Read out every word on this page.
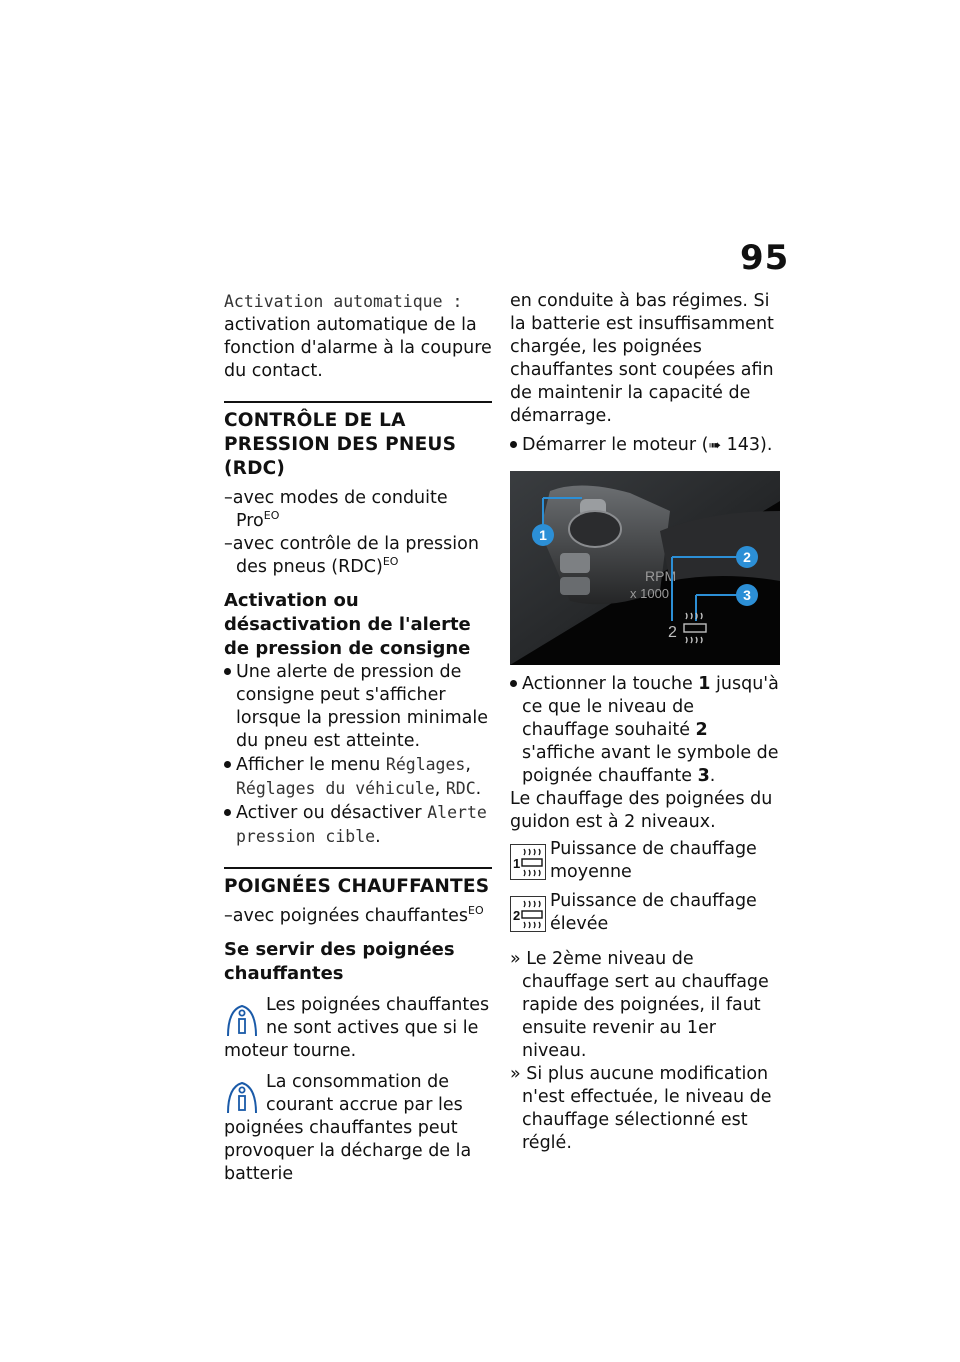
95

Activation automatique : activation automatique de la fonction d'alarme à la coupure du contact.

CONTRÔLE DE LA PRESSION DES PNEUS (RDC)
–avec modes de conduite Pro$^{EO}$
–avec contrôle de la pression des pneus (RDC)$^{EO}$
Activation ou désactivation de l'alerte de pression de consigne
Une alerte de pression de consigne peut s'afficher lorsque la pression minimale du pneu est atteinte.
Afficher le menu Réglages, Réglages du véhicule, RDC.
Activer ou désactiver Alerte pression cible.
POIGNÉES CHAUFFANTES
–avec poignées chauffantes$^{EO}$
Se servir des poignées chauffantes
Les poignées chauffantes ne sont actives que si le moteur tourne.
La consommation de courant accrue par les poignées chauffantes peut provoquer la décharge de la batterie

en conduite à bas régimes. Si la batterie est insuffisamment chargée, les poignées chauffantes sont coupées afin de maintenir la capacité de démarrage.

Démarrer le moteur (➠ 143).
1
RPM
x 1000
2
3
2
Actionner la touche 1 jusqu'à ce que le niveau de chauffage souhaité 2 s'affiche avant le symbole de poignée chauffante 3.

Le chauffage des poignées du guidon est à 2 niveaux.

1
Puissance de chauffage moyenne
2
Puissance de chauffage élevée
» Le 2ème niveau de chauffage sert au chauffage rapide des poignées, il faut ensuite revenir au 1er niveau.
» Si plus aucune modification n'est effectuée, le niveau de chauffage sélectionné est réglé.
